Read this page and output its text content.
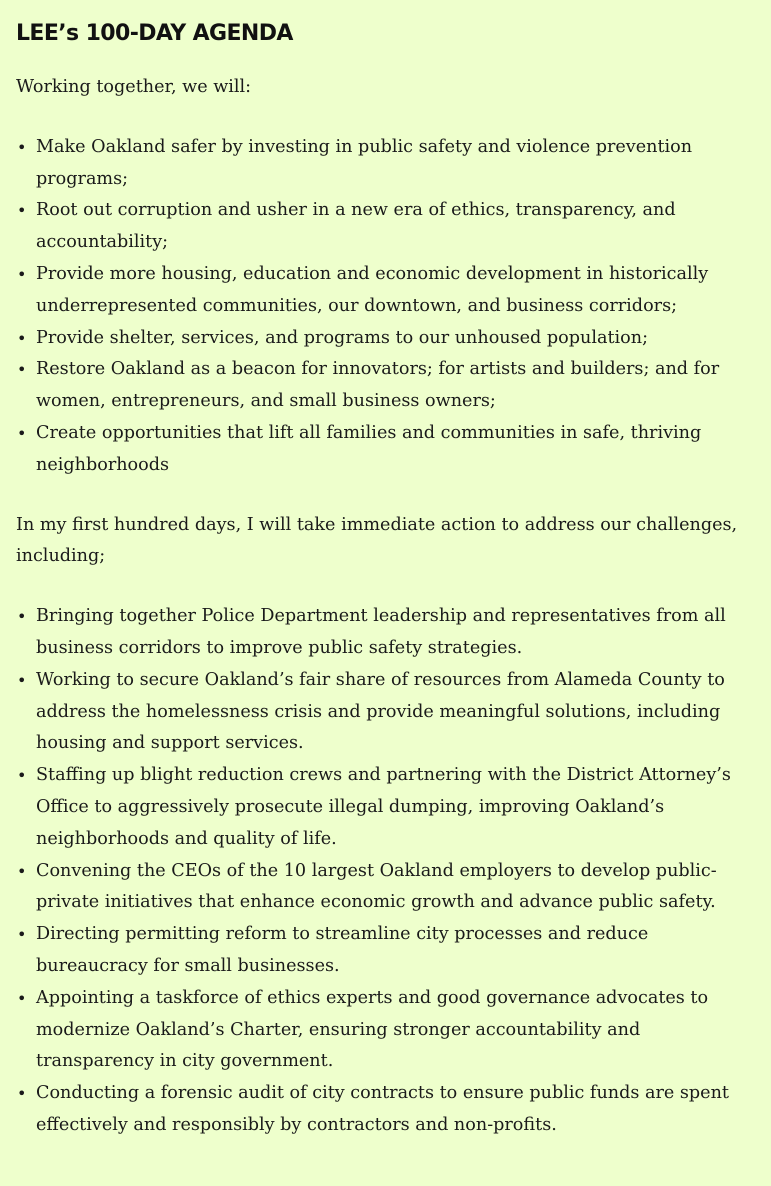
LEE’s 100-DAY AGENDA

Working together, we will:

• Make Oakland safer by investing in public safety and violence prevention programs;
• Root out corruption and usher in a new era of ethics, transparency, and accountability;
• Provide more housing, education and economic development in historically underrepresented communities, our downtown, and business corridors;
• Provide shelter, services, and programs to our unhoused population;
• Restore Oakland as a beacon for innovators; for artists and builders; and for women, entrepreneurs, and small business owners;
• Create opportunities that lift all families and communities in safe, thriving neighborhoods

In my first hundred days, I will take immediate action to address our challenges, including;

• Bringing together Police Department leadership and representatives from all business corridors to improve public safety strategies.
• Working to secure Oakland’s fair share of resources from Alameda County to address the homelessness crisis and provide meaningful solutions, including housing and support services.
• Staffing up blight reduction crews and partnering with the District Attorney’s Office to aggressively prosecute illegal dumping, improving Oakland’s neighborhoods and quality of life.
• Convening the CEOs of the 10 largest Oakland employers to develop public-private initiatives that enhance economic growth and advance public safety.
• Directing permitting reform to streamline city processes and reduce bureaucracy for small businesses.
• Appointing a taskforce of ethics experts and good governance advocates to modernize Oakland’s Charter, ensuring stronger accountability and transparency in city government.
• Conducting a forensic audit of city contracts to ensure public funds are spent effectively and responsibly by contractors and non-profits.
